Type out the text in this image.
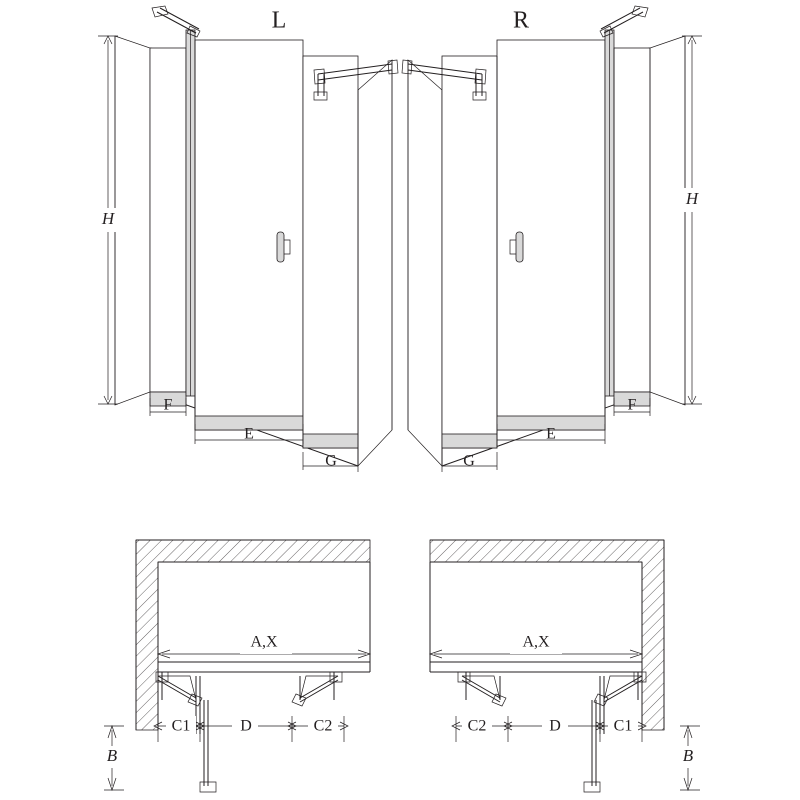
H
F
E
G
L
H
G
E
F
R
C1	D	C2
A,X
B
C2	D	C1
A,X
B
